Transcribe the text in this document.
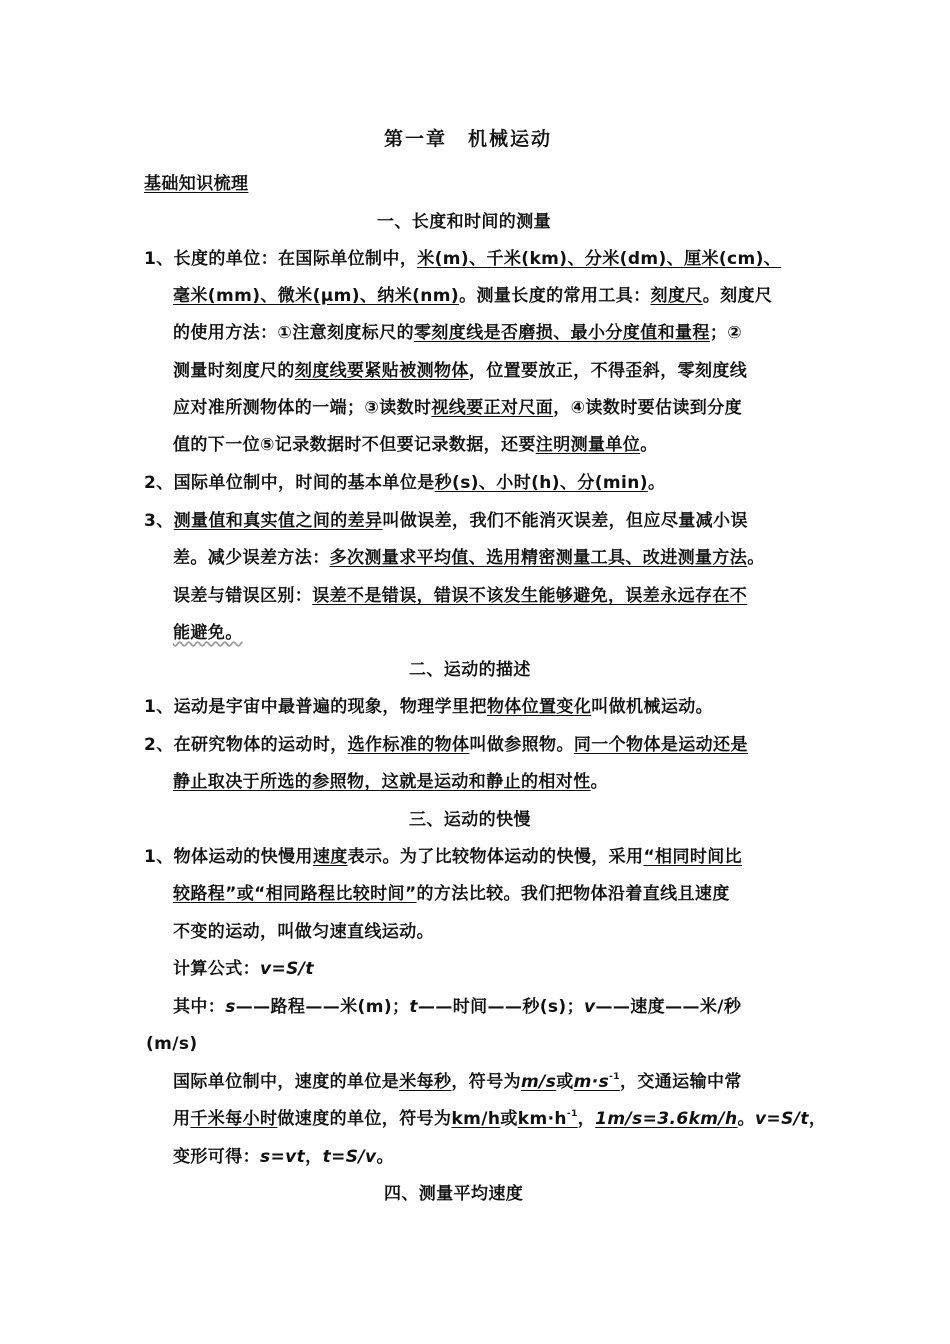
第一章　机械运动
基础知识梳理
一、长度和时间的测量
1、长度的单位：在国际单位制中，米(m)、千米(km)、分米(dm)、厘米(cm)、
毫米(mm)、微米(μm)、纳米(nm)。测量长度的常用工具：刻度尺。刻度尺
的使用方法：①注意刻度标尺的零刻度线是否磨损、最小分度值和量程；②
测量时刻度尺的刻度线要紧贴被测物体，位置要放正，不得歪斜，零刻度线
应对准所测物体的一端；③读数时视线要正对尺面，④读数时要估读到分度
值的下一位⑤记录数据时不但要记录数据，还要注明测量单位。
2、国际单位制中，时间的基本单位是秒(s)、小时(h)、分(min)。
3、测量值和真实值之间的差异叫做误差，我们不能消灭误差，但应尽量减小误
差。减少误差方法：多次测量求平均值、选用精密测量工具、改进测量方法。
误差与错误区别：误差不是错误，错误不该发生能够避免，误差永远存在不
能避免。
二、运动的描述
1、运动是宇宙中最普遍的现象，物理学里把物体位置变化叫做机械运动。
2、在研究物体的运动时，选作标准的物体叫做参照物。同一个物体是运动还是
静止取决于所选的参照物，这就是运动和静止的相对性。
三、运动的快慢
1、物体运动的快慢用速度表示。为了比较物体运动的快慢，采用“相同时间比
较路程”或“相同路程比较时间”的方法比较。我们把物体沿着直线且速度
不变的运动，叫做匀速直线运动。
计算公式：v=S/t
其中：s——路程——米(m)；t——时间——秒(s)；v——速度——米/秒
(m/s)
国际单位制中，速度的单位是米每秒，符号为m/s或$m\cdot s^{-1}$，交通运输中常
用千米每小时做速度的单位，符号为km/h或$km\cdot h^{-1}$，1m/s=3.6km/h。v=S/t，
变形可得：s=vt，t=S/v。
四、测量平均速度
